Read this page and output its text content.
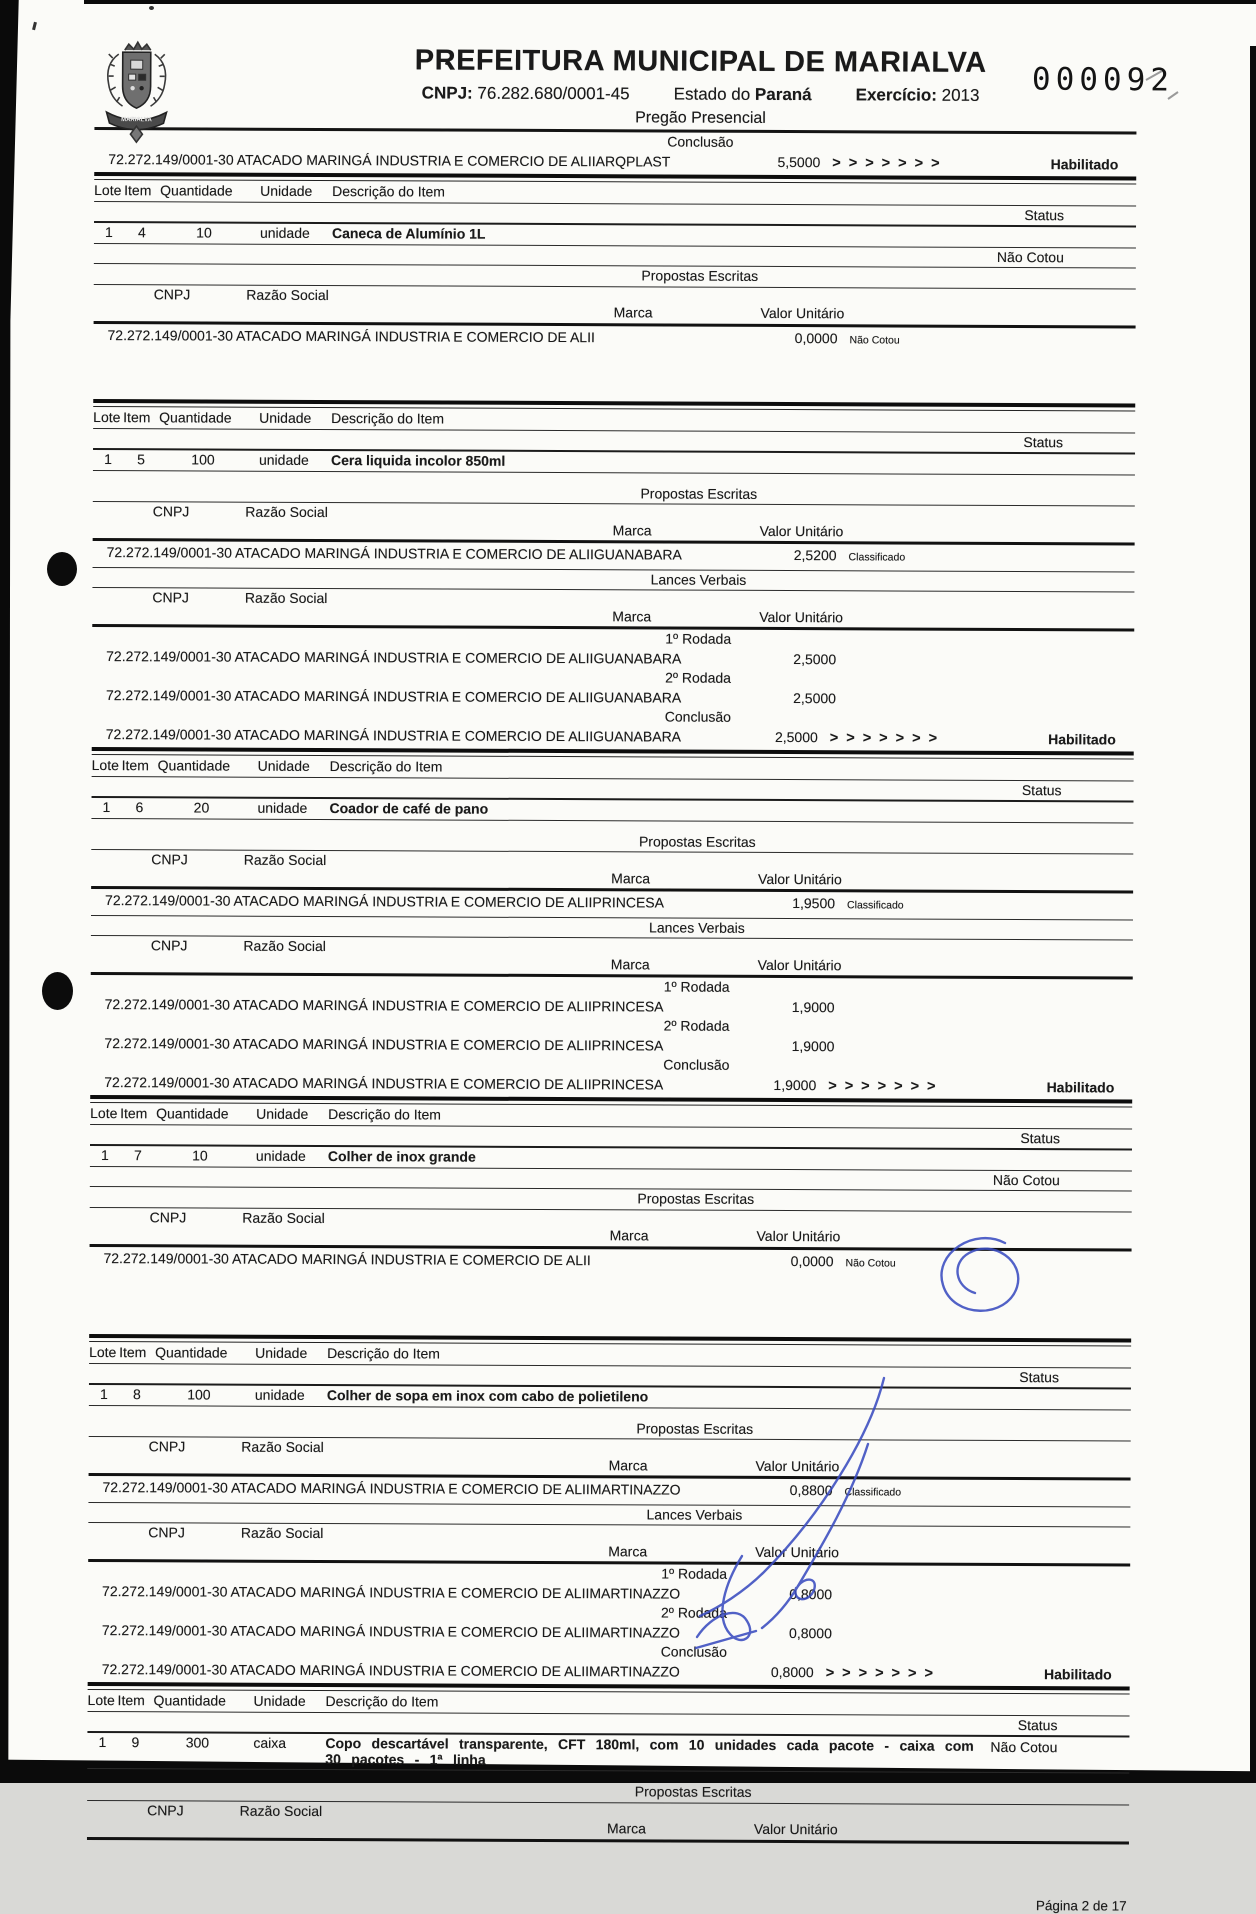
000092
MARIALVA
PREFEITURA MUNICIPAL DE MARIALVA
CNPJ: 76.282.680/0001-45	Estado do Paraná	Exercício: 2013
Pregão Presencial
Conclusão
72.272.149/0001-30 ATACADO MARINGÁ INDUSTRIA E COMERCIO DE ALIIARQPLAST	5,5000 >>>>>>>	Habilitado
Lote Item Quantidade	Unidade	Descrição do Item
Status
1	4	10	unidade	Caneca de Alumínio 1L
Não Cotou
Propostas Escritas
CNPJ	Razão Social
Marca	Valor Unitário
72.272.149/0001-30 ATACADO MARINGÁ INDUSTRIA E COMERCIO DE ALII	0,0000	Não Cotou
Lote Item Quantidade	Unidade	Descrição do Item
Status
1	5	100	unidade	Cera liquida incolor 850ml
Propostas Escritas
CNPJ	Razão Social
Marca	Valor Unitário
72.272.149/0001-30 ATACADO MARINGÁ INDUSTRIA E COMERCIO DE ALIIGUANABARA	2,5200	Classificado
Lances Verbais
CNPJ	Razão Social
Marca	Valor Unitário
1º Rodada
72.272.149/0001-30 ATACADO MARINGÁ INDUSTRIA E COMERCIO DE ALIIGUANABARA	2,5000
2º Rodada
72.272.149/0001-30 ATACADO MARINGÁ INDUSTRIA E COMERCIO DE ALIIGUANABARA	2,5000
Conclusão
72.272.149/0001-30 ATACADO MARINGÁ INDUSTRIA E COMERCIO DE ALIIGUANABARA	2,5000 >>>>>>>	Habilitado
Lote Item Quantidade	Unidade	Descrição do Item
Status
1	6	20	unidade	Coador de café de pano
Propostas Escritas
CNPJ	Razão Social
Marca	Valor Unitário
72.272.149/0001-30 ATACADO MARINGÁ INDUSTRIA E COMERCIO DE ALIIPRINCESA	1,9500	Classificado
Lances Verbais
CNPJ	Razão Social
Marca	Valor Unitário
1º Rodada
72.272.149/0001-30 ATACADO MARINGÁ INDUSTRIA E COMERCIO DE ALIIPRINCESA	1,9000
2º Rodada
72.272.149/0001-30 ATACADO MARINGÁ INDUSTRIA E COMERCIO DE ALIIPRINCESA	1,9000
Conclusão
72.272.149/0001-30 ATACADO MARINGÁ INDUSTRIA E COMERCIO DE ALIIPRINCESA	1,9000 >>>>>>>	Habilitado
Lote Item Quantidade	Unidade	Descrição do Item
Status
1	7	10	unidade	Colher de inox grande
Não Cotou
Propostas Escritas
CNPJ	Razão Social
Marca	Valor Unitário
72.272.149/0001-30 ATACADO MARINGÁ INDUSTRIA E COMERCIO DE ALII	0,0000	Não Cotou
Lote Item Quantidade	Unidade	Descrição do Item
Status
1	8	100	unidade	Colher de sopa em inox com cabo de polietileno
Propostas Escritas
CNPJ	Razão Social
Marca	Valor Unitário
72.272.149/0001-30 ATACADO MARINGÁ INDUSTRIA E COMERCIO DE ALIIMARTINAZZO	0,8800	Classificado
Lances Verbais
CNPJ	Razão Social
Marca	Valor Unitário
1º Rodada
72.272.149/0001-30 ATACADO MARINGÁ INDUSTRIA E COMERCIO DE ALIIMARTINAZZO	0,8000
2º Rodada
72.272.149/0001-30 ATACADO MARINGÁ INDUSTRIA E COMERCIO DE ALIIMARTINAZZO	0,8000
Conclusão
72.272.149/0001-30 ATACADO MARINGÁ INDUSTRIA E COMERCIO DE ALIIMARTINAZZO	0,8000 >>>>>>>	Habilitado
Lote Item Quantidade	Unidade	Descrição do Item
Status
1	9	300	caixa	Copo descartável transparente, CFT 180ml, com 10 unidades cada pacote - caixa com 30 pacotes - 1ª linha
Não Cotou
Propostas Escritas
CNPJ	Razão Social
Marca	Valor Unitário
Página 2 de 17
